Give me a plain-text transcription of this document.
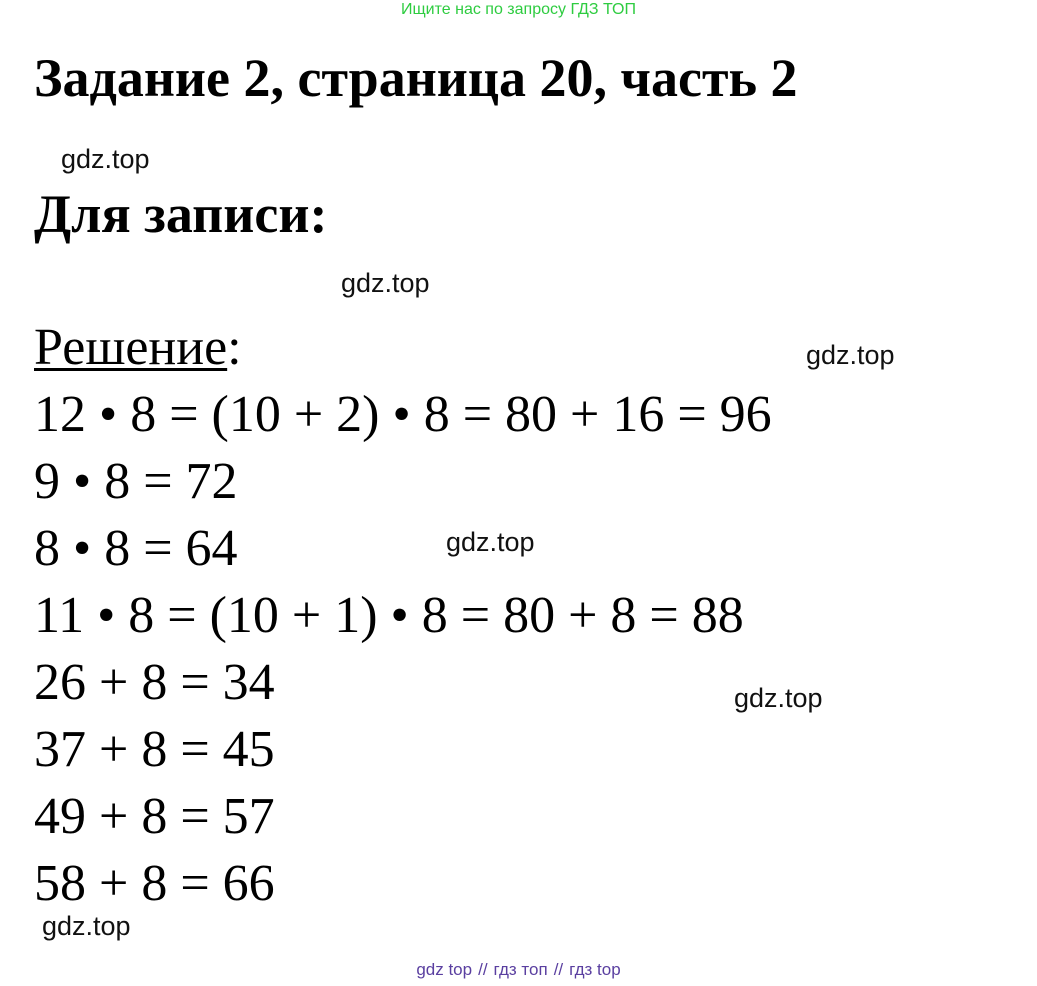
Ищите нас по запросу ГДЗ ТОП
Задание 2, страница 20, часть 2
gdz.top
Для записи:
gdz.top
Решение:	gdz.top
12 • 8 = (10 + 2) • 8 = 80 + 16 = 96
9 • 8 = 72
8 • 8 = 64
11 • 8 = (10 + 1) • 8 = 80 + 8 = 88
26 + 8 = 34
37 + 8 = 45
49 + 8 = 57
58 + 8 = 66
gdz.top
gdz.top
gdz.top
gdz top // гдз топ // гдз top
